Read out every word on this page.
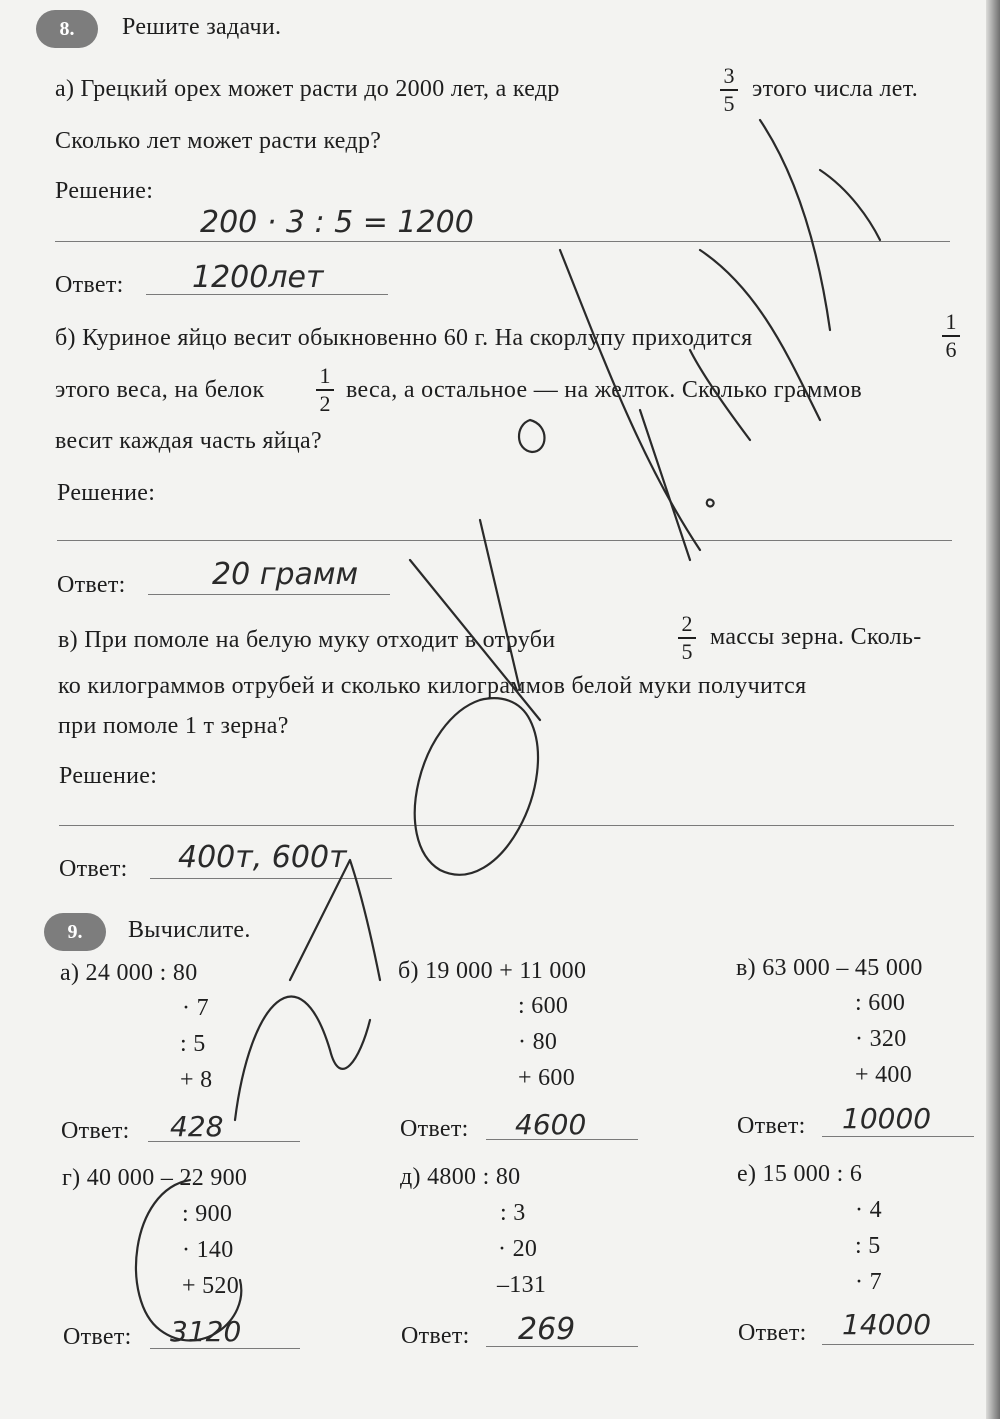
8.	Решите задачи.
а) Грецкий орех может расти до 2000 лет, а кедр
3
5
этого числа лет.
Сколько лет может расти кедр?
Решение:
Ответ:
200 · 3 : 5 = 1200
1200лет
б) Куриное яйцо весит обыкновенно 60 г. На скорлупу приходится
1
6
этого веса, на белок
1
2 веса, а остальное — на желток. Сколько граммов
весит каждая часть яйца?
Решение:
Ответ:	20 грамм
в) При помоле на белую муку отходит в отруби
2
5
массы зерна. Сколь-
ко килограммов отрубей и сколько килограммов белой муки получится
при помоле 1 т зерна?
Решение:
Ответ: 400т, 600т
9.	Вычислите.
а) 24 000 : 80
· 7
: 5
+ 8
Ответ: 428
б) 19 000 + 11 000
: 600
· 80
+ 600
Ответ: 4600
в) 63 000 – 45 000
: 600
· 320
+ 400
Ответ: 10000
г) 40 000 – 22 900
: 900
· 140
+ 520
Ответ: 3120
д) 4800 : 80
: 3
· 20
–131
Ответ: 269
е) 15 000 : 6
· 4
: 5
· 7
Ответ: 14000
